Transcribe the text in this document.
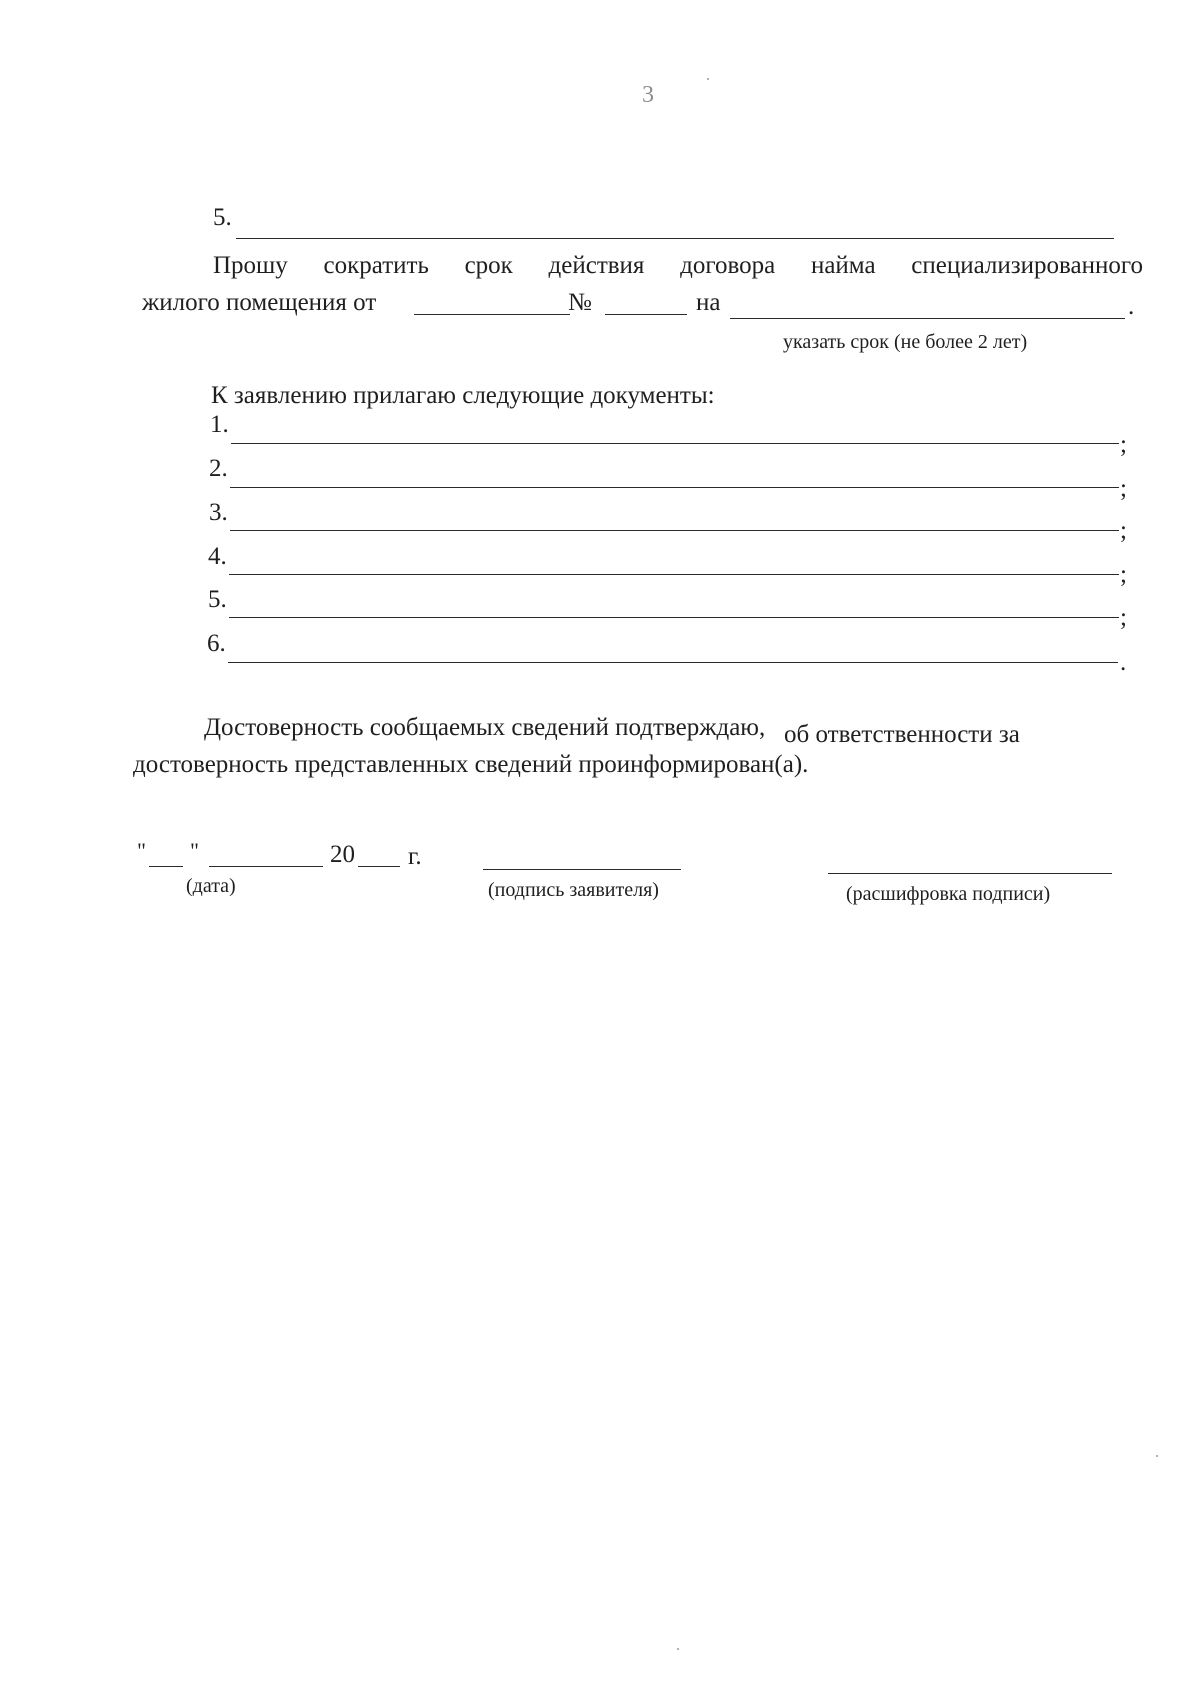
3
5.
Прошу сократить срок действия договора найма специализированного
жилого помещения от	№	на	.
указать срок (не более 2 лет)
К заявлению прилагаю следующие документы:
1.
;
2.
;
3.
;
4.
;
5.
;
6.
.
Достоверность сообщаемых сведений подтверждаю, об ответственности за
достоверность представленных сведений проинформирован(а).
" "	20 г.
(дата)	(подпись заявителя)	(расшифровка подписи)
